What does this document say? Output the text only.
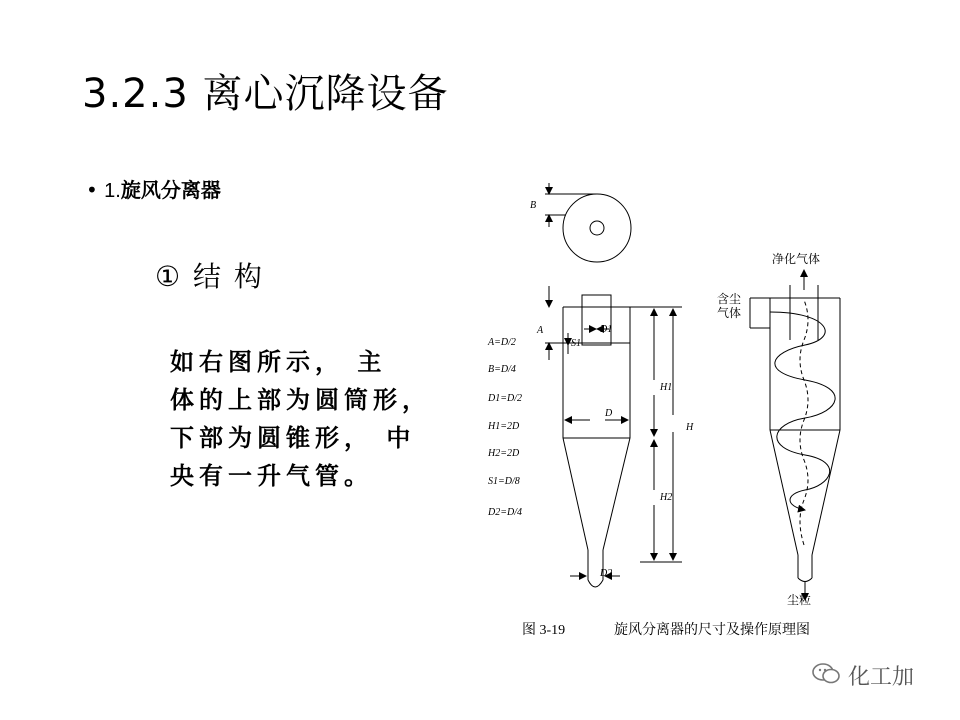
3.2.3 离心沉降设备
• 1.旋风分离器
① 结 构
如右图所示， 主
体的上部为圆筒形，
下部为圆锥形， 中
央有一升气管。
B
A
S1
D1
D
H1
H
H2
D2
A=D/2
B=D/4
D1=D/2
H1=2D
H2=2D
S1=D/8
D2=D/4
净化气体
含尘
气体
尘粒
图 3-19	旋风分离器的尺寸及操作原理图
化工加
